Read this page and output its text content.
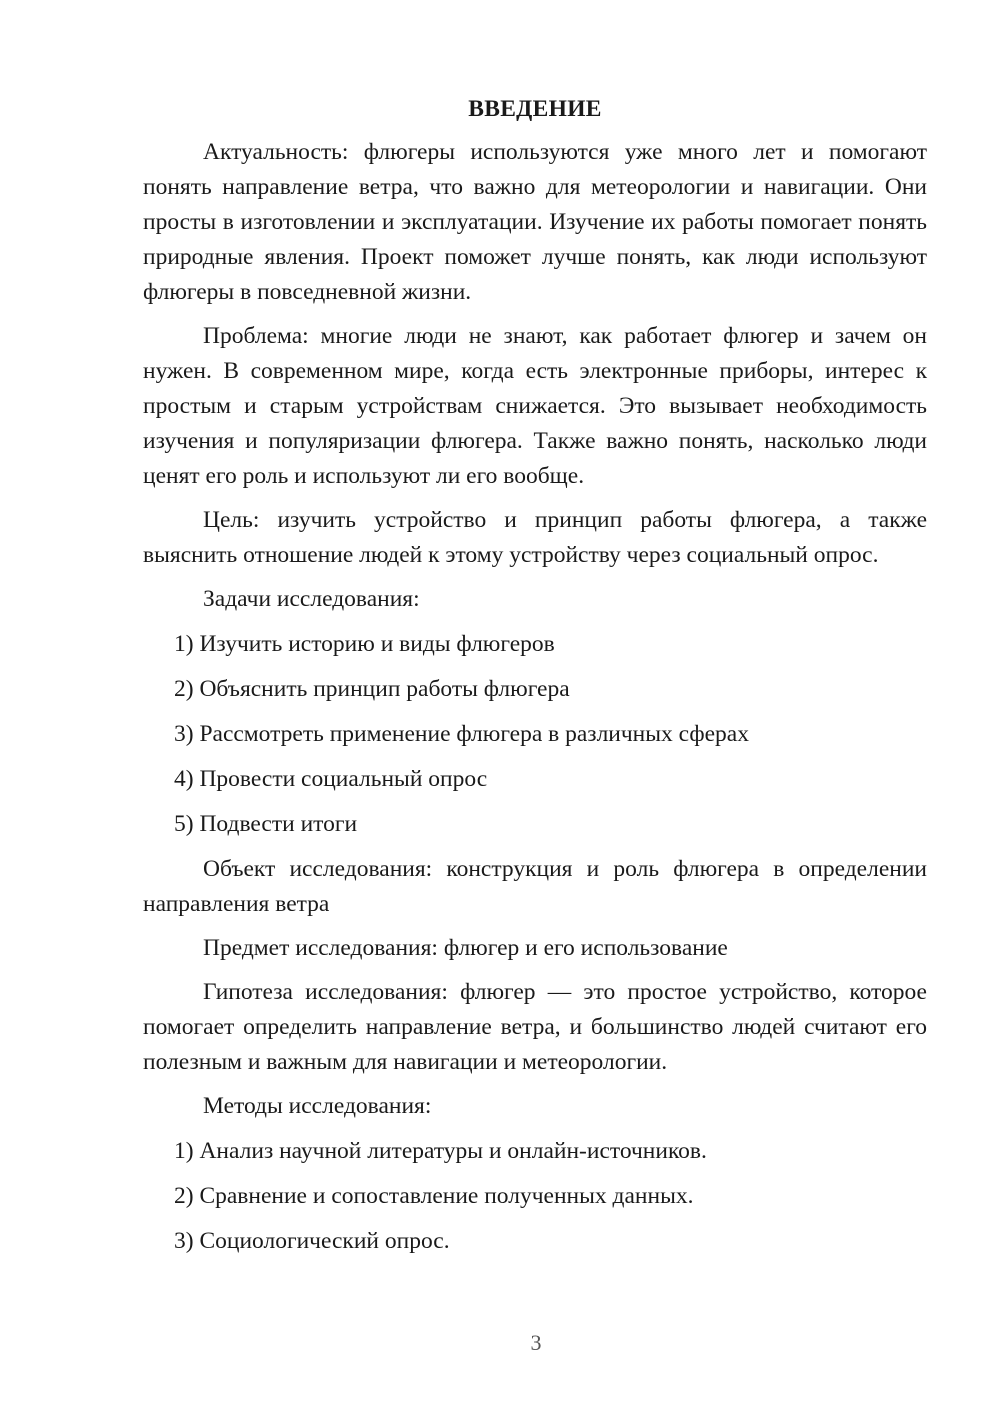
ВВЕДЕНИЕ

Актуальность: флюгеры используются уже много лет и помогают понять направление ветра, что важно для метеорологии и навигации. Они просты в изготовлении и эксплуатации. Изучение их работы помогает понять природные явления. Проект поможет лучше понять, как люди используют флюгеры в повседневной жизни.

Проблема: многие люди не знают, как работает флюгер и зачем он нужен. В современном мире, когда есть электронные приборы, интерес к простым и старым устройствам снижается. Это вызывает необходимость изучения и популяризации флюгера. Также важно понять, насколько люди ценят его роль и используют ли его вообще.

Цель: изучить устройство и принцип работы флюгера, а также выяснить отношение людей к этому устройству через социальный опрос.

Задачи исследования:

1) Изучить историю и виды флюгеров
2) Объяснить принцип работы флюгера
3) Рассмотреть применение флюгера в различных сферах
4) Провести социальный опрос
5) Подвести итоги

Объект исследования: конструкция и роль флюгера в определении направления ветра

Предмет исследования: флюгер и его использование

Гипотеза исследования: флюгер — это простое устройство, которое помогает определить направление ветра, и большинство людей считают его полезным и важным для навигации и метеорологии.

Методы исследования:

1) Анализ научной литературы и онлайн-источников.
2) Сравнение и сопоставление полученных данных.
3) Социологический опрос.
3
